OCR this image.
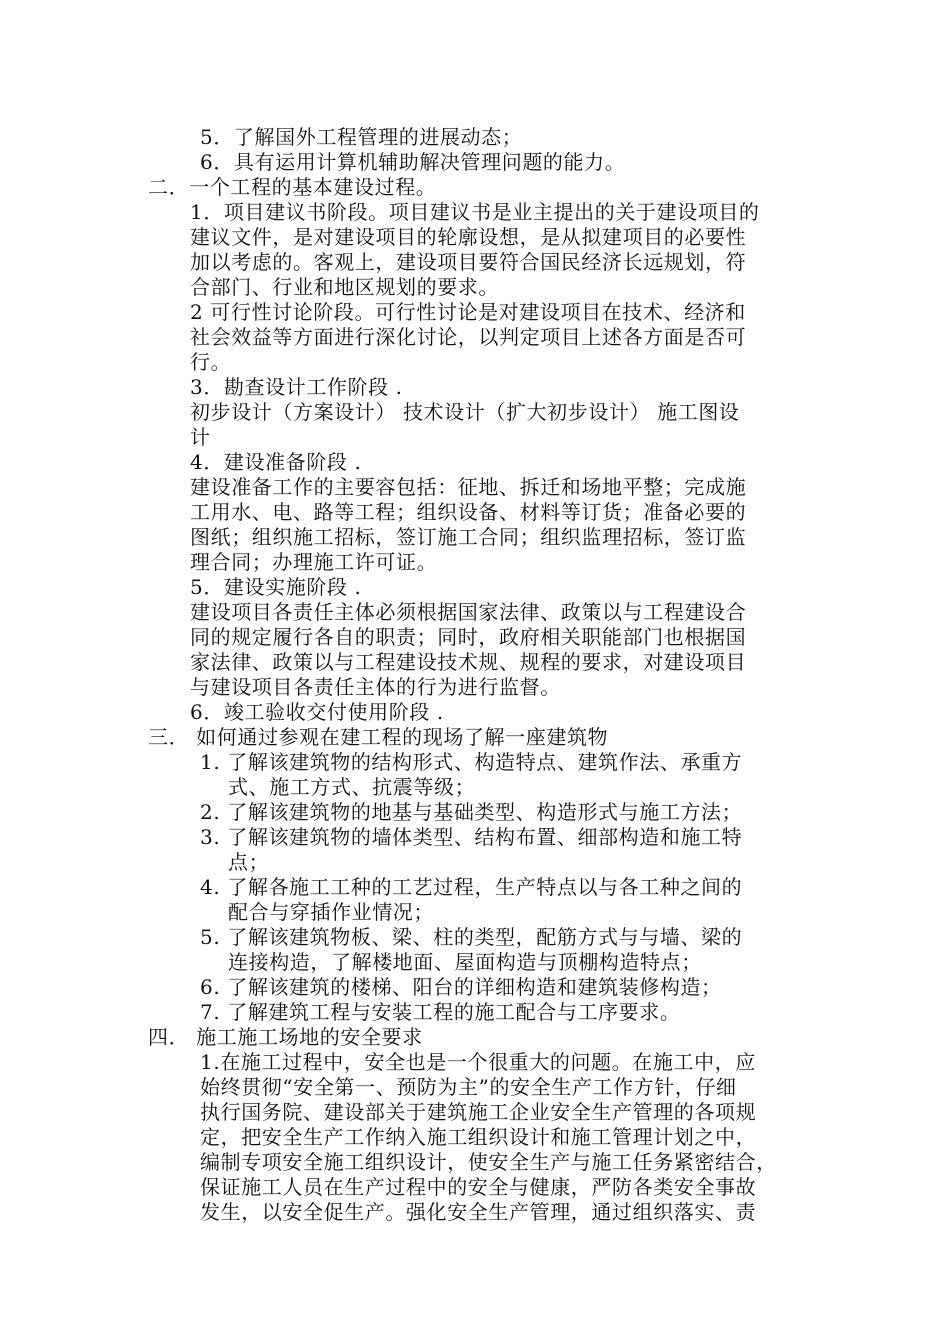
5．了解国外工程管理的进展动态；
6．具有运用计算机辅助解决管理问题的能力。
二．一个工程的基本建设过程。
1．项目建议书阶段。项目建议书是业主提出的关于建设项目的
建议文件，是对建设项目的轮廓设想，是从拟建项目的必要性
加以考虑的。客观上，建设项目要符合国民经济长远规划，符
合部门、行业和地区规划的要求。
2 可行性讨论阶段。可行性讨论是对建设项目在技术、经济和
社会效益等方面进行深化讨论，以判定项目上述各方面是否可
行。
3．勘查设计工作阶段 .
初步设计（方案设计） 技术设计（扩大初步设计） 施工图设
计
4．建设准备阶段 .
建设准备工作的主要容包括：征地、拆迁和场地平整；完成施
工用水、电、路等工程；组织设备、材料等订货；准备必要的
图纸；组织施工招标，签订施工合同；组织监理招标，签订监
理合同；办理施工许可证。
5．建设实施阶段 .
建设项目各责任主体必须根据国家法律、政策以与工程建设合
同的规定履行各自的职责；同时，政府相关职能部门也根据国
家法律、政策以与工程建设技术规、规程的要求，对建设项目
与建设项目各责任主体的行为进行监督。
6．竣工验收交付使用阶段 .
三． 如何通过参观在建工程的现场了解一座建筑物
1. 了解该建筑物的结构形式、构造特点、建筑作法、承重方
式、施工方式、抗震等级；
2. 了解该建筑物的地基与基础类型、构造形式与施工方法；
3. 了解该建筑物的墙体类型、结构布置、细部构造和施工特
点；
4. 了解各施工工种的工艺过程，生产特点以与各工种之间的
配合与穿插作业情况；
5. 了解该建筑物板、梁、柱的类型，配筋方式与与墙、梁的
连接构造，了解楼地面、屋面构造与顶棚构造特点；
6. 了解该建筑的楼梯、阳台的详细构造和建筑装修构造；
7. 了解建筑工程与安装工程的施工配合与工序要求。
四． 施工施工场地的安全要求
1.在施工过程中，安全也是一个很重大的问题。在施工中，应
始终贯彻“安全第一、预防为主”的安全生产工作方针，仔细
执行国务院、建设部关于建筑施工企业安全生产管理的各项规
定，把安全生产工作纳入施工组织设计和施工管理计划之中，
编制专项安全施工组织设计，使安全生产与施工任务紧密结合，
保证施工人员在生产过程中的安全与健康，严防各类安全事故
发生，以安全促生产。强化安全生产管理，通过组织落实、责
